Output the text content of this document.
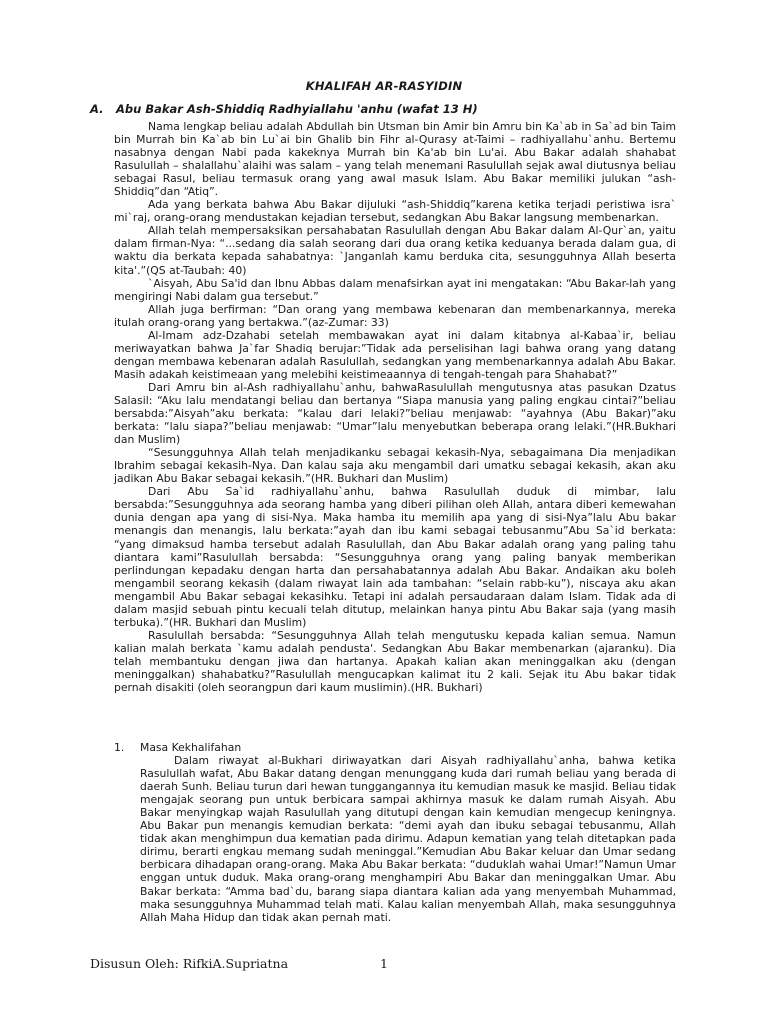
KHALIFAH AR-RASYIDIN
A. Abu Bakar Ash-Shiddiq Radhyiallahu 'anhu (wafat 13 H)

Nama lengkap beliau adalah Abdullah bin Utsman bin Amir bin Amru bin Ka`ab in Sa`ad bin Taim bin Murrah bin Ka`ab bin Lu`ai bin Ghalib bin Fihr al-Qurasy at-Taimi – radhiyallahu`anhu. Bertemu nasabnya dengan Nabi pada kakeknya Murrah bin Ka'ab bin Lu'ai. Abu Bakar adalah shahabat Rasulullah – shalallahu`alaihi was salam – yang telah menemani Rasulullah sejak awal diutusnya beliau sebagai Rasul, beliau termasuk orang yang awal masuk Islam. Abu Bakar memiliki julukan “ash-Shiddiq”dan “Atiq”.

Ada yang berkata bahwa Abu Bakar dijuluki “ash-Shiddiq”karena ketika terjadi peristiwa isra` mi`raj, orang-orang mendustakan kejadian tersebut, sedangkan Abu Bakar langsung membenarkan.

Allah telah mempersaksikan persahabatan Rasulullah dengan Abu Bakar dalam Al-Qur`an, yaitu dalam firman-Nya: “...sedang dia salah seorang dari dua orang ketika keduanya berada dalam gua, di waktu dia berkata kepada sahabatnya: `Janganlah kamu berduka cita, sesungguhnya Allah beserta kita'.”(QS at-Taubah: 40)

`Aisyah, Abu Sa'id dan Ibnu Abbas dalam menafsirkan ayat ini mengatakan: “Abu Bakar-lah yang mengiringi Nabi dalam gua tersebut.”

Allah juga berfirman: “Dan orang yang membawa kebenaran dan membenarkannya, mereka itulah orang-orang yang bertakwa.”(az-Zumar: 33)

Al-Imam adz-Dzahabi setelah membawakan ayat ini dalam kitabnya al-Kabaa`ir, beliau meriwayatkan bahwa Ja`far Shadiq berujar:”Tidak ada perselisihan lagi bahwa orang yang datang dengan membawa kebenaran adalah Rasulullah, sedangkan yang membenarkannya adalah Abu Bakar. Masih adakah keistimeaan yang melebihi keistimeaannya di tengah-tengah para Shahabat?”

Dari Amru bin al-Ash radhiyallahu`anhu, bahwaRasulullah mengutusnya atas pasukan Dzatus Salasil: “Aku lalu mendatangi beliau dan bertanya “Siapa manusia yang paling engkau cintai?”beliau bersabda:”Aisyah”aku berkata: “kalau dari lelaki?”beliau menjawab: “ayahnya (Abu Bakar)”aku berkata: “lalu siapa?”beliau menjawab: “Umar”lalu menyebutkan beberapa orang lelaki.”(HR.Bukhari dan Muslim)

“Sesungguhnya Allah telah menjadikanku sebagai kekasih-Nya, sebagaimana Dia menjadikan Ibrahim sebagai kekasih-Nya. Dan kalau saja aku mengambil dari umatku sebagai kekasih, akan aku jadikan Abu Bakar sebagai kekasih.”(HR. Bukhari dan Muslim)

Dari Abu Sa`id radhiyallahu`anhu, bahwa Rasulullah duduk di mimbar, lalu bersabda:”Sesungguhnya ada seorang hamba yang diberi pilihan oleh Allah, antara diberi kemewahan dunia dengan apa yang di sisi-Nya. Maka hamba itu memilih apa yang di sisi-Nya”lalu Abu bakar menangis dan menangis, lalu berkata:”ayah dan ibu kami sebagai tebusanmu”Abu Sa`id berkata: “yang dimaksud hamba tersebut adalah Rasulullah, dan Abu Bakar adalah orang yang paling tahu diantara kami”Rasulullah bersabda: “Sesungguhnya orang yang paling banyak memberikan perlindungan kepadaku dengan harta dan persahabatannya adalah Abu Bakar. Andaikan aku boleh mengambil seorang kekasih (dalam riwayat lain ada tambahan: “selain rabb-ku”), niscaya aku akan mengambil Abu Bakar sebagai kekasihku. Tetapi ini adalah persaudaraan dalam Islam. Tidak ada di dalam masjid sebuah pintu kecuali telah ditutup, melainkan hanya pintu Abu Bakar saja (yang masih terbuka).”(HR. Bukhari dan Muslim)

Rasulullah bersabda: “Sesungguhnya Allah telah mengutusku kepada kalian semua. Namun kalian malah berkata `kamu adalah pendusta'. Sedangkan Abu Bakar membenarkan (ajaranku). Dia telah membantuku dengan jiwa dan hartanya. Apakah kalian akan meninggalkan aku (dengan meninggalkan) shahabatku?”Rasulullah mengucapkan kalimat itu 2 kali. Sejak itu Abu bakar tidak pernah disakiti (oleh seorangpun dari kaum muslimin).(HR. Bukhari)

1.	Masa Kekhalifahan

Dalam riwayat al-Bukhari diriwayatkan dari Aisyah radhiyallahu`anha, bahwa ketika Rasulullah wafat, Abu Bakar datang dengan menunggang kuda dari rumah beliau yang berada di daerah Sunh. Beliau turun dari hewan tunggangannya itu kemudian masuk ke masjid. Beliau tidak mengajak seorang pun untuk berbicara sampai akhirnya masuk ke dalam rumah Aisyah. Abu Bakar menyingkap wajah Rasulullah yang ditutupi dengan kain kemudian mengecup keningnya. Abu Bakar pun menangis kemudian berkata: “demi ayah dan ibuku sebagai tebusanmu, Allah tidak akan menghimpun dua kematian pada dirimu. Adapun kematian yang telah ditetapkan pada dirimu, berarti engkau memang sudah meninggal.”Kemudian Abu Bakar keluar dan Umar sedang berbicara dihadapan orang-orang. Maka Abu Bakar berkata: “duduklah wahai Umar!”Namun Umar enggan untuk duduk. Maka orang-orang menghampiri Abu Bakar dan meninggalkan Umar. Abu Bakar berkata: “Amma bad`du, barang siapa diantara kalian ada yang menyembah Muhammad, maka sesungguhnya Muhammad telah mati. Kalau kalian menyembah Allah, maka sesungguhnya Allah Maha Hidup dan tidak akan pernah mati.

Disusun Oleh: RifkiA.Supriatna	1
